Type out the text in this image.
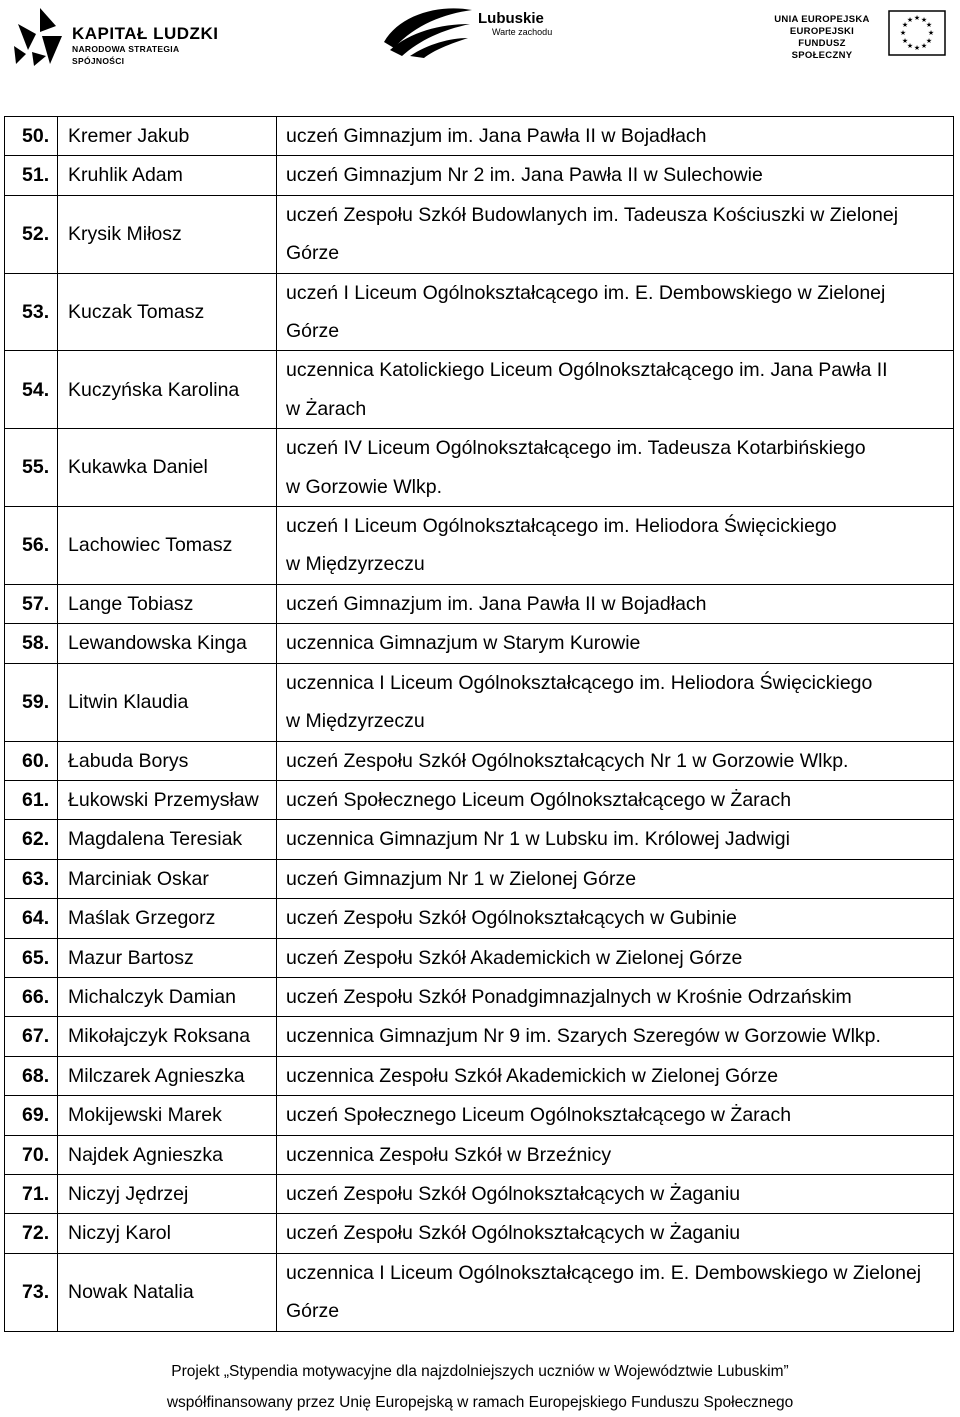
KAPITAŁ LUDZKI
NARODOWA STRATEGIA SPÓJNOŚCI
Lubuskie
Warte zachodu
UNIA EUROPEJSKA
EUROPEJSKI
FUNDUSZ SPOŁECZNY
★ ★
★
★
★
★
★
★
★
★
★
★
50.	Kremer Jakub	uczeń Gimnazjum im. Jana Pawła II w Bojadłach

51.	Kruhlik Adam	uczeń Gimnazjum Nr 2 im. Jana Pawła II w Sulechowie

52.	Krysik Miłosz	uczeń Zespołu Szkół Budowlanych im. Tadeusza Kościuszki w Zielonej
Górze

53.	Kuczak Tomasz	uczeń I Liceum Ogólnokształcącego im. E. Dembowskiego w Zielonej Górze

54.	Kuczyńska Karolina	uczennica Katolickiego Liceum Ogólnokształcącego im. Jana Pawła II
w Żarach

55.	Kukawka Daniel	uczeń IV Liceum Ogólnokształcącego im. Tadeusza Kotarbińskiego
w Gorzowie Wlkp.

56.	Lachowiec Tomasz	uczeń I Liceum Ogólnokształcącego im. Heliodora Święcickiego
w Międzyrzeczu

57.	Lange Tobiasz	uczeń Gimnazjum im. Jana Pawła II w Bojadłach

58.	Lewandowska Kinga	uczennica Gimnazjum w Starym Kurowie

59.	Litwin Klaudia	uczennica I Liceum Ogólnokształcącego im. Heliodora Święcickiego
w Międzyrzeczu

60.	Łabuda Borys	uczeń Zespołu Szkół Ogólnokształcących Nr 1 w Gorzowie Wlkp.

61.	Łukowski Przemysław	uczeń Społecznego Liceum Ogólnokształcącego w Żarach

62.	Magdalena Teresiak	uczennica Gimnazjum Nr 1 w Lubsku im. Królowej Jadwigi

63.	Marciniak Oskar	uczeń Gimnazjum Nr 1 w Zielonej Górze

64.	Maślak Grzegorz	uczeń Zespołu Szkół Ogólnokształcących w Gubinie

65.	Mazur Bartosz	uczeń Zespołu Szkół Akademickich w Zielonej Górze

66.	Michalczyk Damian	uczeń Zespołu Szkół Ponadgimnazjalnych w Krośnie Odrzańskim

67.	Mikołajczyk Roksana	uczennica Gimnazjum Nr 9 im. Szarych Szeregów w Gorzowie Wlkp.

68.	Milczarek Agnieszka	uczennica Zespołu Szkół Akademickich w Zielonej Górze

69.	Mokijewski Marek	uczeń Społecznego Liceum Ogólnokształcącego w Żarach

70.	Najdek Agnieszka	uczennica Zespołu Szkół w Brzeźnicy

71.	Niczyj Jędrzej	uczeń Zespołu Szkół Ogólnokształcących w Żaganiu

72.	Niczyj Karol	uczeń Zespołu Szkół Ogólnokształcących w Żaganiu

73.	Nowak Natalia	uczennica I Liceum Ogólnokształcącego im. E. Dembowskiego w Zielonej
Górze
Projekt „Stypendia motywacyjne dla najzdolniejszych uczniów w Województwie Lubuskim”
współfinansowany przez Unię Europejską w ramach Europejskiego Funduszu Społecznego
